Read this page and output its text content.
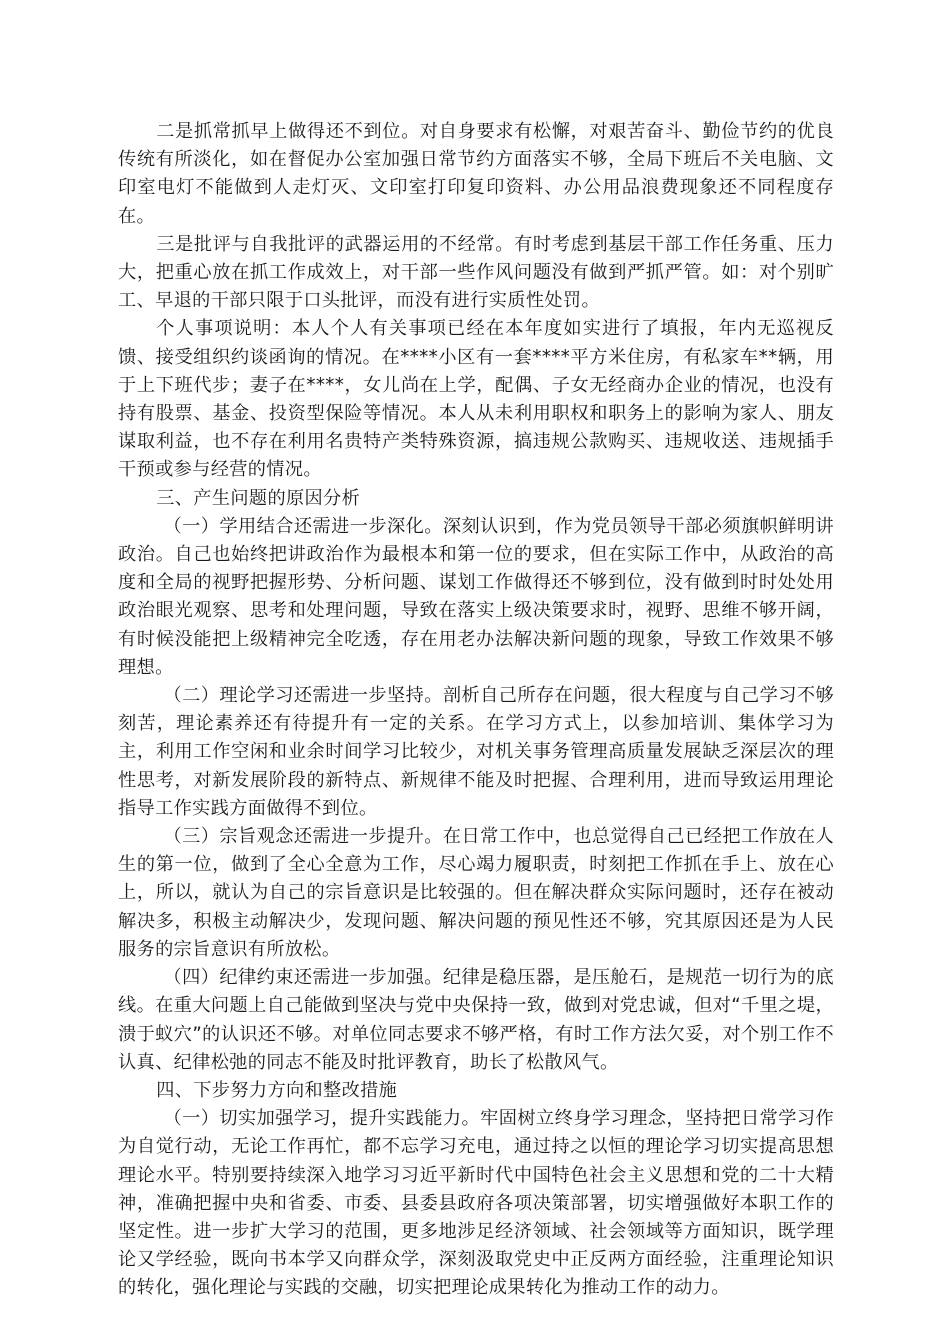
二是抓常抓早上做得还不到位。对自身要求有松懈，对艰苦奋斗、勤俭节约的优良传统有所淡化，如在督促办公室加强日常节约方面落实不够，全局下班后不关电脑、文印室电灯不能做到人走灯灭、文印室打印复印资料、办公用品浪费现象还不同程度存在。

三是批评与自我批评的武器运用的不经常。有时考虑到基层干部工作任务重、压力大，把重心放在抓工作成效上，对干部一些作风问题没有做到严抓严管。如：对个别旷工、早退的干部只限于口头批评，而没有进行实质性处罚。

个人事项说明：本人个人有关事项已经在本年度如实进行了填报，年内无巡视反馈、接受组织约谈函询的情况。在****小区有一套****平方米住房，有私家车**辆，用于上下班代步；妻子在****，女儿尚在上学，配偶、子女无经商办企业的情况，也没有持有股票、基金、投资型保险等情况。本人从未利用职权和职务上的影响为家人、朋友谋取利益，也不存在利用名贵特产类特殊资源，搞违规公款购买、违规收送、违规插手干预或参与经营的情况。

三、产生问题的原因分析

（一）学用结合还需进一步深化。深刻认识到，作为党员领导干部必须旗帜鲜明讲政治。自己也始终把讲政治作为最根本和第一位的要求，但在实际工作中，从政治的高度和全局的视野把握形势、分析问题、谋划工作做得还不够到位，没有做到时时处处用政治眼光观察、思考和处理问题，导致在落实上级决策要求时，视野、思维不够开阔，有时候没能把上级精神完全吃透，存在用老办法解决新问题的现象，导致工作效果不够理想。

（二）理论学习还需进一步坚持。剖析自己所存在问题，很大程度与自己学习不够刻苦，理论素养还有待提升有一定的关系。在学习方式上，以参加培训、集体学习为主，利用工作空闲和业余时间学习比较少，对机关事务管理高质量发展缺乏深层次的理性思考，对新发展阶段的新特点、新规律不能及时把握、合理利用，进而导致运用理论指导工作实践方面做得不到位。

（三）宗旨观念还需进一步提升。在日常工作中，也总觉得自己已经把工作放在人生的第一位，做到了全心全意为工作，尽心竭力履职责，时刻把工作抓在手上、放在心上，所以，就认为自己的宗旨意识是比较强的。但在解决群众实际问题时，还存在被动解决多，积极主动解决少，发现问题、解决问题的预见性还不够，究其原因还是为人民服务的宗旨意识有所放松。

（四）纪律约束还需进一步加强。纪律是稳压器，是压舱石，是规范一切行为的底线。在重大问题上自己能做到坚决与党中央保持一致，做到对党忠诚，但对“千里之堤，溃于蚁穴”的认识还不够。对单位同志要求不够严格，有时工作方法欠妥，对个别工作不认真、纪律松弛的同志不能及时批评教育，助长了松散风气。

四、下步努力方向和整改措施

（一）切实加强学习，提升实践能力。牢固树立终身学习理念，坚持把日常学习作为自觉行动，无论工作再忙，都不忘学习充电，通过持之以恒的理论学习切实提高思想理论水平。特别要持续深入地学习习近平新时代中国特色社会主义思想和党的二十大精神，准确把握中央和省委、市委、县委县政府各项决策部署，切实增强做好本职工作的坚定性。进一步扩大学习的范围，更多地涉足经济领域、社会领域等方面知识，既学理论又学经验，既向书本学又向群众学，深刻汲取党史中正反两方面经验，注重理论知识的转化，强化理论与实践的交融，切实把理论成果转化为推动工作的动力。
